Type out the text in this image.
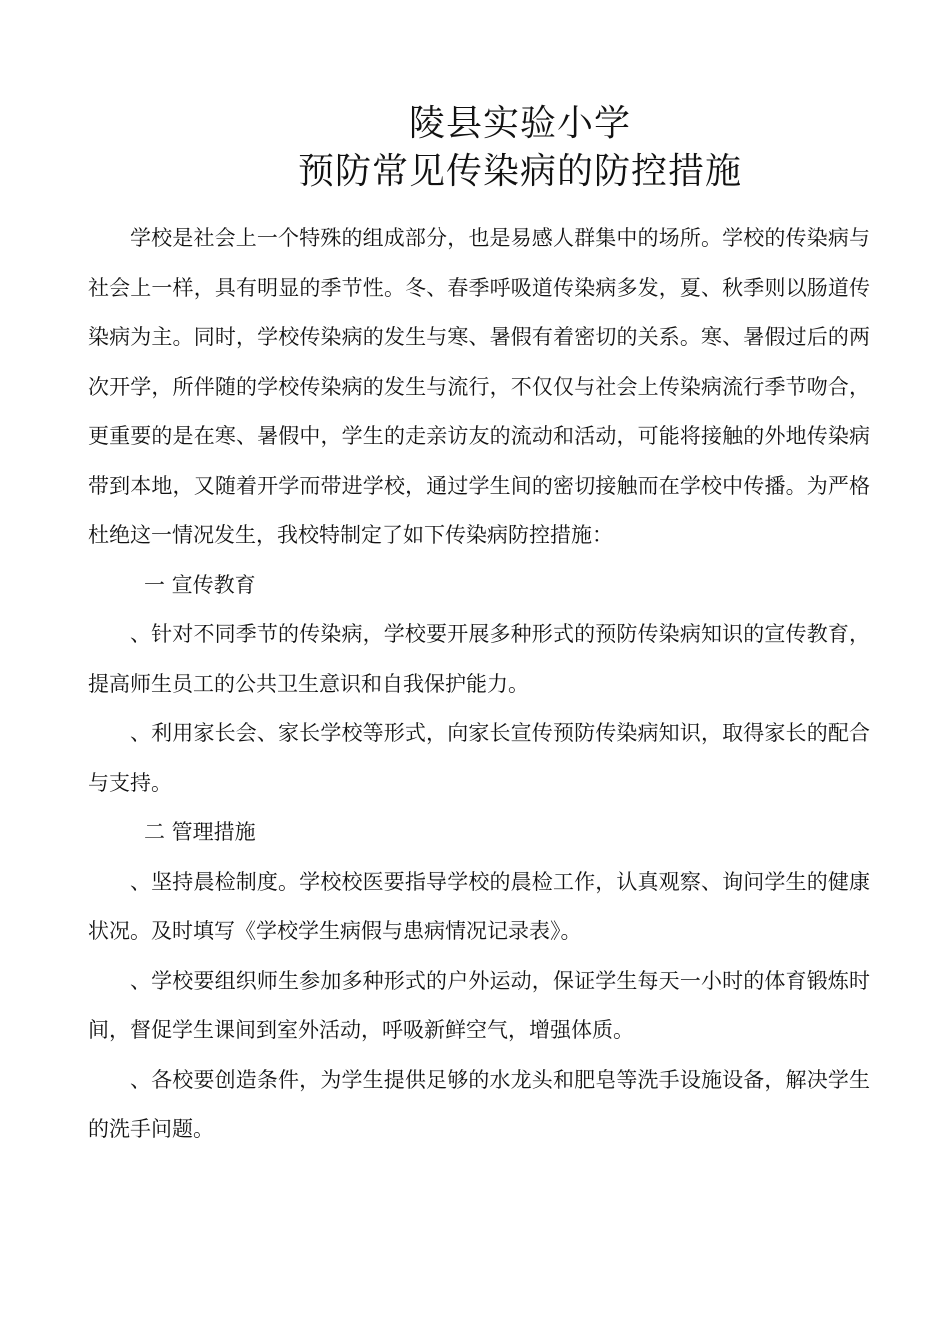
陵县实验小学
预防常见传染病的防控措施

学校是社会上一个特殊的组成部分，也是易感人群集中的场所。学校的传染病与社会上一样，具有明显的季节性。冬、春季呼吸道传染病多发，夏、秋季则以肠道传染病为主。同时，学校传染病的发生与寒、暑假有着密切的关系。寒、暑假过后的两次开学，所伴随的学校传染病的发生与流行，不仅仅与社会上传染病流行季节吻合，更重要的是在寒、暑假中，学生的走亲访友的流动和活动，可能将接触的外地传染病带到本地，又随着开学而带进学校，通过学生间的密切接触而在学校中传播。为严格杜绝这一情况发生，我校特制定了如下传染病防控措施：

一 宣传教育

、针对不同季节的传染病，学校要开展多种形式的预防传染病知识的宣传教育，提高师生员工的公共卫生意识和自我保护能力。

、利用家长会、家长学校等形式，向家长宣传预防传染病知识，取得家长的配合与支持。

二 管理措施

、坚持晨检制度。学校校医要指导学校的晨检工作，认真观察、询问学生的健康状况。及时填写《学校学生病假与患病情况记录表》。

、学校要组织师生参加多种形式的户外运动，保证学生每天一小时的体育锻炼时间，督促学生课间到室外活动，呼吸新鲜空气，增强体质。

、各校要创造条件，为学生提供足够的水龙头和肥皂等洗手设施设备，解决学生的洗手问题。
